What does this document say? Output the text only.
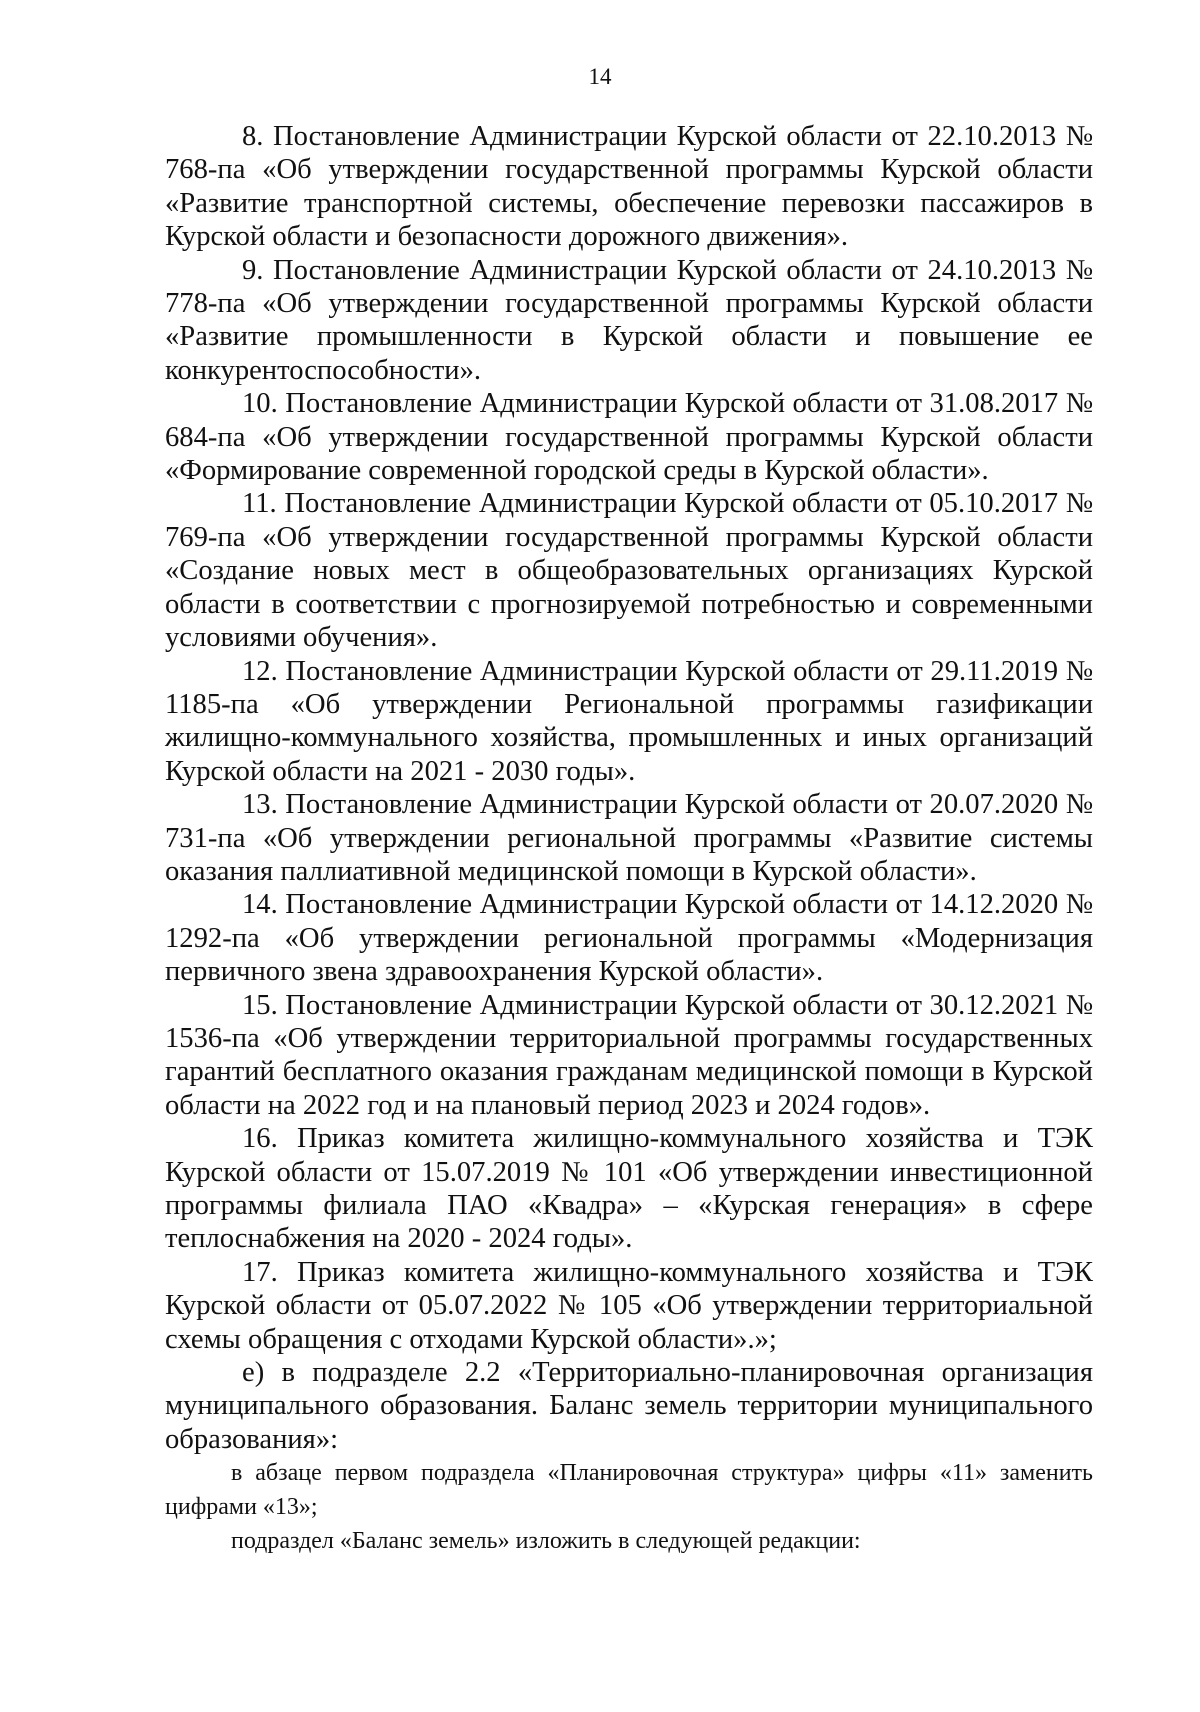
14

8. Постановление Администрации Курской области от 22.10.2013 № 768-па «Об утверждении государственной программы Курской области «Развитие транспортной системы, обеспечение перевозки пассажиров в Курской области и безопасности дорожного движения».

9. Постановление Администрации Курской области от 24.10.2013 № 778-па «Об утверждении государственной программы Курской области «Развитие промышленности в Курской области и повышение ее конкурентоспособности».

10. Постановление Администрации Курской области от 31.08.2017 № 684-па «Об утверждении государственной программы Курской области «Формирование современной городской среды в Курской области».

11. Постановление Администрации Курской области от 05.10.2017 № 769-па «Об утверждении государственной программы Курской области «Создание новых мест в общеобразовательных организациях Курской области в соответствии с прогнозируемой потребностью и современными условиями обучения».

12. Постановление Администрации Курской области от 29.11.2019 № 1185-па «Об утверждении Региональной программы газификации жилищно-коммунального хозяйства, промышленных и иных организаций Курской области на 2021 - 2030 годы».

13. Постановление Администрации Курской области от 20.07.2020 № 731-па «Об утверждении региональной программы «Развитие системы оказания паллиативной медицинской помощи в Курской области».

14. Постановление Администрации Курской области от 14.12.2020 № 1292-па «Об утверждении региональной программы «Модернизация первичного звена здравоохранения Курской области».

15. Постановление Администрации Курской области от 30.12.2021 № 1536-па «Об утверждении территориальной программы государственных гарантий бесплатного оказания гражданам медицинской помощи в Курской области на 2022 год и на плановый период 2023 и 2024 годов».

16. Приказ комитета жилищно-коммунального хозяйства и ТЭК Курской области от 15.07.2019 № 101 «Об утверждении инвестиционной программы филиала ПАО «Квадра» – «Курская генерация» в сфере теплоснабжения на 2020 - 2024 годы».

17. Приказ комитета жилищно-коммунального хозяйства и ТЭК Курской области от 05.07.2022 № 105 «Об утверждении территориальной схемы обращения с отходами Курской области».»;

е) в подразделе 2.2 «Территориально-планировочная организация муниципального образования. Баланс земель территории муниципального образования»:

в абзаце первом подраздела «Планировочная структура» цифры «11» заменить цифрами «13»;

подраздел «Баланс земель» изложить в следующей редакции:
